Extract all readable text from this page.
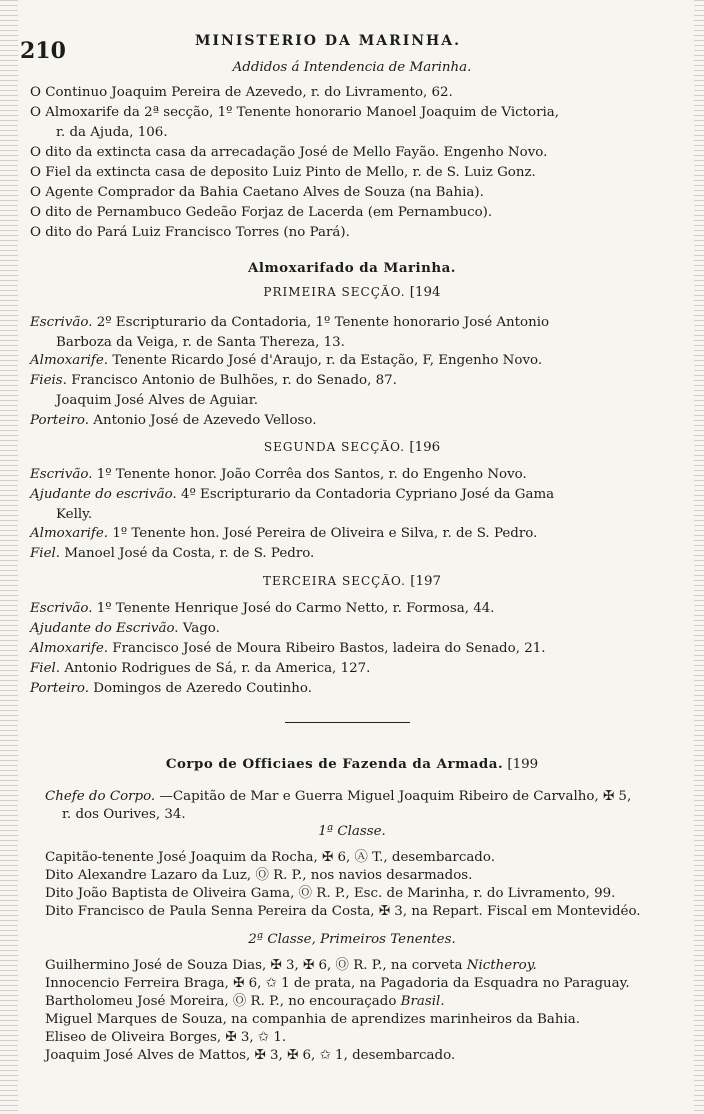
210	MINISTERIO DA MARINHA.
Addidos á Intendencia de Marinha.
O Continuo Joaquim Pereira de Azevedo, r. do Livramento, 62.
O Almoxarife da 2ª secção, 1º Tenente honorario Manoel Joaquim de Victoria,
r. da Ajuda, 106.
O dito da extincta casa da arrecadação José de Mello Fayão. Engenho Novo.
O Fiel da extincta casa de deposito Luiz Pinto de Mello, r. de S. Luiz Gonz.
O Agente Comprador da Bahia Caetano Alves de Souza (na Bahia).
O dito de Pernambuco Gedeão Forjaz de Lacerda (em Pernambuco).
O dito do Pará Luiz Francisco Torres (no Pará).
Almoxarifado da Marinha.
PRIMEIRA SECÇÃO. [194
Escrivão. 2º Escripturario da Contadoria, 1º Tenente honorario José Antonio
Barboza da Veiga, r. de Santa Thereza, 13.
Almoxarife. Tenente Ricardo José d'Araujo, r. da Estação, F, Engenho Novo.
Fieis. Francisco Antonio de Bulhões, r. do Senado, 87.
Joaquim José Alves de Aguiar.
Porteiro. Antonio José de Azevedo Velloso.
SEGUNDA SECÇÃO. [196
Escrivão. 1º Tenente honor. João Corrêa dos Santos, r. do Engenho Novo.
Ajudante do escrivão. 4º Escripturario da Contadoria Cypriano José da Gama
Kelly.
Almoxarife. 1º Tenente hon. José Pereira de Oliveira e Silva, r. de S. Pedro.
Fiel. Manoel José da Costa, r. de S. Pedro.
TERCEIRA SECÇÃO. [197
Escrivão. 1º Tenente Henrique José do Carmo Netto, r. Formosa, 44.
Ajudante do Escrivão. Vago.
Almoxarife. Francisco José de Moura Ribeiro Bastos, ladeira do Senado, 21.
Fiel. Antonio Rodrigues de Sá, r. da America, 127.
Porteiro. Domingos de Azeredo Coutinho.
Corpo de Officiaes de Fazenda da Armada. [199
Chefe do Corpo. —Capitão de Mar e Guerra Miguel Joaquim Ribeiro de Carvalho, ✠ 5,
r. dos Ourives, 34.
1ª Classe.
Capitão-tenente José Joaquim da Rocha, ✠ 6, Ⓐ T., desembarcado.
Dito Alexandre Lazaro da Luz, Ⓞ R. P., nos navios desarmados.
Dito João Baptista de Oliveira Gama, Ⓞ R. P., Esc. de Marinha, r. do Livramento, 99.
Dito Francisco de Paula Senna Pereira da Costa, ✠ 3, na Repart. Fiscal em Montevidéo.
2ª Classe, Primeiros Tenentes.
Guilhermino José de Souza Dias, ✠ 3, ✠ 6, Ⓞ R. P., na corveta Nictheroy.
Innocencio Ferreira Braga, ✠ 6, ✩ 1 de prata, na Pagadoria da Esquadra no Paraguay.
Bartholomeu José Moreira, Ⓞ R. P., no encouraçado Brasil.
Miguel Marques de Souza, na companhia de aprendizes marinheiros da Bahia.
Eliseo de Oliveira Borges, ✠ 3, ✩ 1.
Joaquim José Alves de Mattos, ✠ 3, ✠ 6, ✩ 1, desembarcado.
